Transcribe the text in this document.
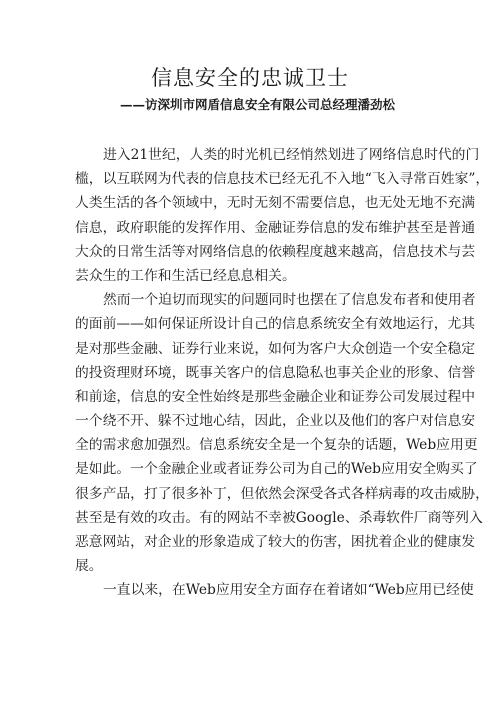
信息安全的忠诚卫士
——访深圳市网盾信息安全有限公司总经理潘劲松
进入21世纪，人类的时光机已经悄然划进了网络信息时代的门
槛，以互联网为代表的信息技术已经无孔不入地“飞入寻常百姓家”，
人类生活的各个领域中，无时无刻不需要信息，也无处无地不充满
信息，政府职能的发挥作用、金融证券信息的发布维护甚至是普通
大众的日常生活等对网络信息的依赖程度越来越高，信息技术与芸
芸众生的工作和生活已经息息相关。
然而一个迫切而现实的问题同时也摆在了信息发布者和使用者
的面前——如何保证所设计自己的信息系统安全有效地运行，尤其
是对那些金融、证券行业来说，如何为客户大众创造一个安全稳定
的投资理财环境，既事关客户的信息隐私也事关企业的形象、信誉
和前途，信息的安全性始终是那些金融企业和证券公司发展过程中
一个绕不开、躲不过地心结，因此，企业以及他们的客户对信息安
全的需求愈加强烈。信息系统安全是一个复杂的话题，Web应用更
是如此。一个金融企业或者证券公司为自己的Web应用安全购买了
很多产品，打了很多补丁，但依然会深受各式各样病毒的攻击威胁，
甚至是有效的攻击。有的网站不幸被Google、杀毒软件厂商等列入
恶意网站，对企业的形象造成了较大的伤害，困扰着企业的健康发
展。
一直以来，在Web应用安全方面存在着诸如“Web应用已经使
